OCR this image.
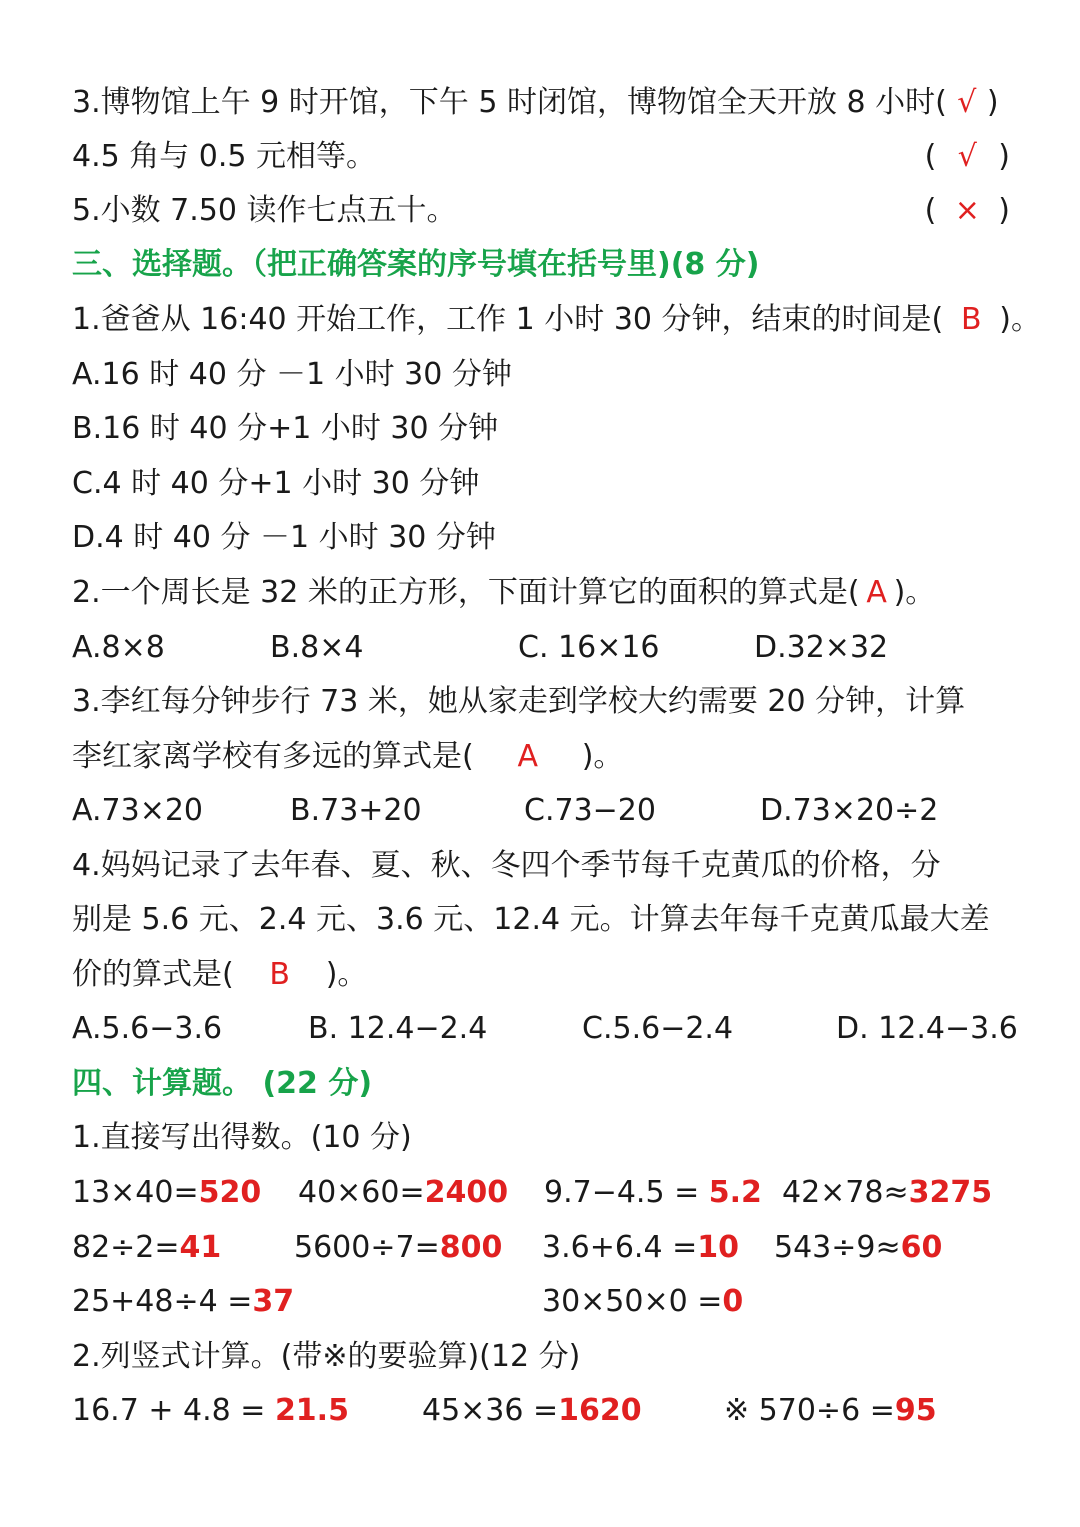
3.博物馆上午 9 时开馆，下午 5 时闭馆，博物馆全天开放 8 小时( √ )
4.5 角与 0.5 元相等。	( √ )
5.小数 7.50 读作七点五十。	( × )
三、选择题。（把正确答案的序号填在括号里)(8 分)
1.爸爸从 16:40 开始工作，工作 1 小时 30 分钟，结束的时间是( B )。
A.16 时 40 分 －1 小时 30 分钟
B.16 时 40 分+1 小时 30 分钟
C.4 时 40 分+1 小时 30 分钟
D.4 时 40 分 －1 小时 30 分钟
2.一个周长是 32 米的正方形，下面计算它的面积的算式是( A )。
A.8×8	B.8×4	C. 16×16	D.32×32
3.李红每分钟步行 73 米，她从家走到学校大约需要 20 分钟，计算
李红家离学校有多远的算式是( A )。
A.73×20	B.73+20	C.73−20	D.73×20÷2
4.妈妈记录了去年春、夏、秋、冬四个季节每千克黄瓜的价格，分
别是 5.6 元、2.4 元、3.6 元、12.4 元。计算去年每千克黄瓜最大差
价的算式是( B )。
A.5.6−3.6	B. 12.4−2.4	C.5.6−2.4	D. 12.4−3.6
四、计算题。 (22 分)
1.直接写出得数。(10 分)
13×40=520 40×60=2400 9.7−4.5 = 5.2 42×78≈3275
82÷2=41 5600÷7=800 3.6+6.4 =10 543÷9≈60
25+48÷4 =37	30×50×0 =0
2.列竖式计算。(带※的要验算)(12 分)
16.7 + 4.8 = 21.5 45×36 =1620	※ 570÷6 =95
